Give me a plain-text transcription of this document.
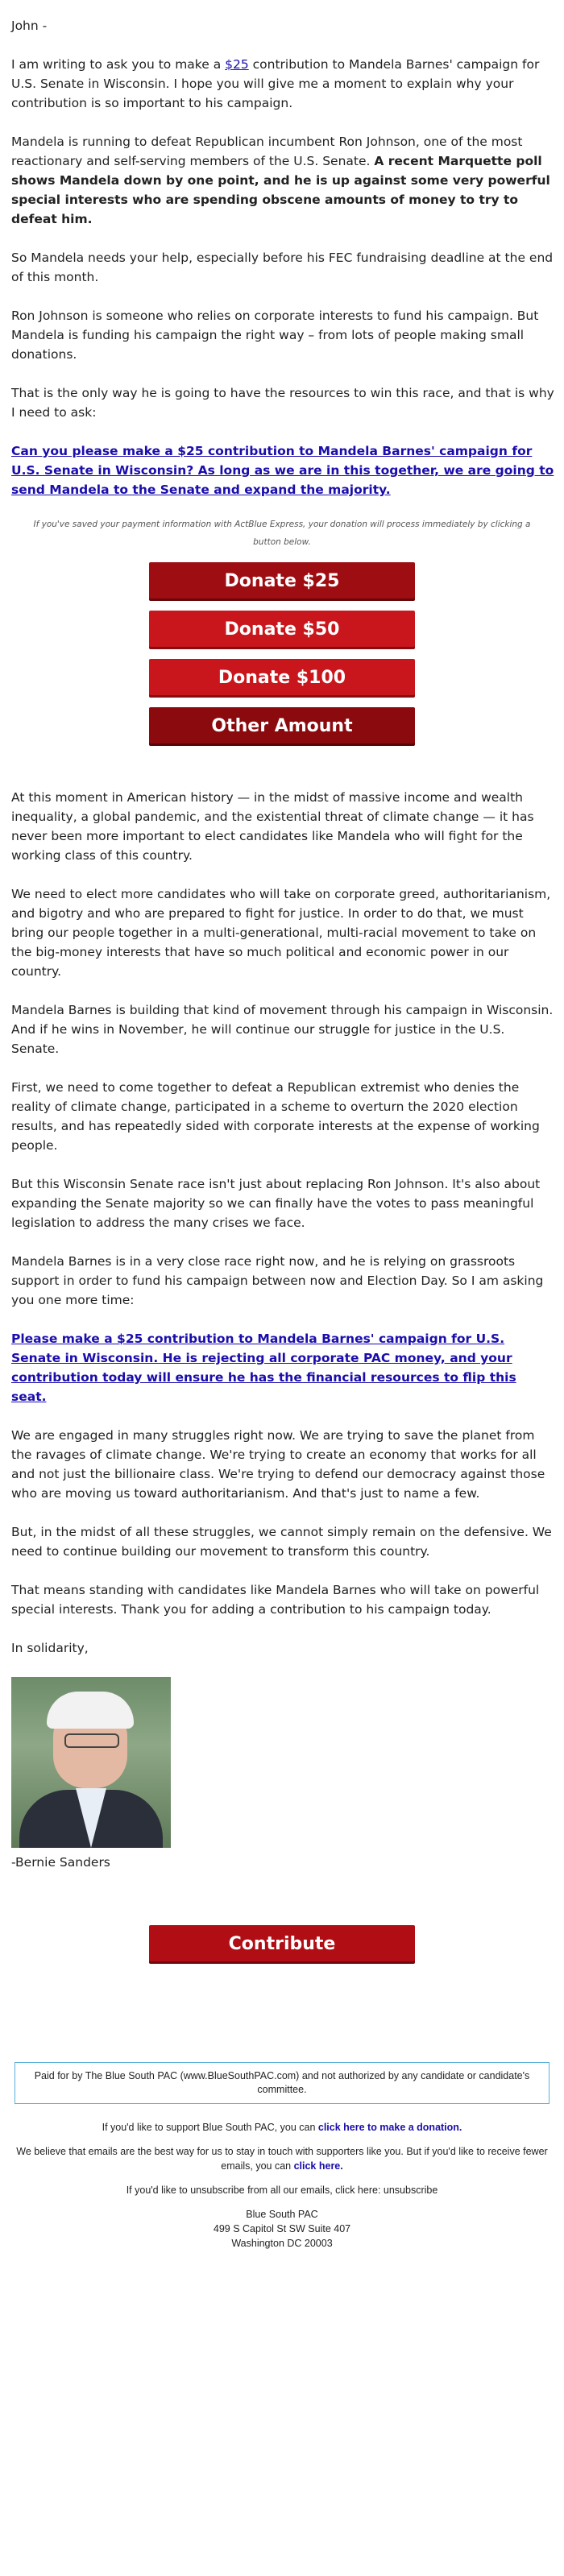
John -

I am writing to ask you to make a $25 contribution to Mandela Barnes' campaign for U.S. Senate in Wisconsin. I hope you will give me a moment to explain why your contribution is so important to his campaign.

Mandela is running to defeat Republican incumbent Ron Johnson, one of the most reactionary and self-serving members of the U.S. Senate. A recent Marquette poll shows Mandela down by one point, and he is up against some very powerful special interests who are spending obscene amounts of money to try to defeat him.

So Mandela needs your help, especially before his FEC fundraising deadline at the end of this month.

Ron Johnson is someone who relies on corporate interests to fund his campaign. But Mandela is funding his campaign the right way – from lots of people making small donations.

That is the only way he is going to have the resources to win this race, and that is why I need to ask:

Can you please make a $25 contribution to Mandela Barnes' campaign for U.S. Senate in Wisconsin? As long as we are in this together, we are going to send Mandela to the Senate and expand the majority.

If you've saved your payment information with ActBlue Express, your donation will process immediately by clicking a button below.
Donate $25
Donate $50
Donate $100
Other Amount

At this moment in American history — in the midst of massive income and wealth inequality, a global pandemic, and the existential threat of climate change — it has never been more important to elect candidates like Mandela who will fight for the working class of this country.

We need to elect more candidates who will take on corporate greed, authoritarianism, and bigotry and who are prepared to fight for justice. In order to do that, we must bring our people together in a multi-generational, multi-racial movement to take on the big-money interests that have so much political and economic power in our country.

Mandela Barnes is building that kind of movement through his campaign in Wisconsin. And if he wins in November, he will continue our struggle for justice in the U.S. Senate.

First, we need to come together to defeat a Republican extremist who denies the reality of climate change, participated in a scheme to overturn the 2020 election results, and has repeatedly sided with corporate interests at the expense of working people.

But this Wisconsin Senate race isn't just about replacing Ron Johnson. It's also about expanding the Senate majority so we can finally have the votes to pass meaningful legislation to address the many crises we face.

Mandela Barnes is in a very close race right now, and he is relying on grassroots support in order to fund his campaign between now and Election Day. So I am asking you one more time:

Please make a $25 contribution to Mandela Barnes' campaign for U.S. Senate in Wisconsin. He is rejecting all corporate PAC money, and your contribution today will ensure he has the financial resources to flip this seat.

We are engaged in many struggles right now. We are trying to save the planet from the ravages of climate change. We're trying to create an economy that works for all and not just the billionaire class. We're trying to defend our democracy against those who are moving us toward authoritarianism. And that's just to name a few.

But, in the midst of all these struggles, we cannot simply remain on the defensive. We need to continue building our movement to transform this country.

That means standing with candidates like Mandela Barnes who will take on powerful special interests. Thank you for adding a contribution to his campaign today.

In solidarity,

-Bernie Sanders
Contribute
Paid for by The Blue South PAC (www.BlueSouthPAC.com) and not authorized by any candidate or candidate's committee.

If you'd like to support Blue South PAC, you can click here to make a donation.

We believe that emails are the best way for us to stay in touch with supporters like you. But if you'd like to receive fewer emails, you can click here.

If you'd like to unsubscribe from all our emails, click here: unsubscribe

Blue South PAC
499 S Capitol St SW Suite 407
Washington DC 20003
